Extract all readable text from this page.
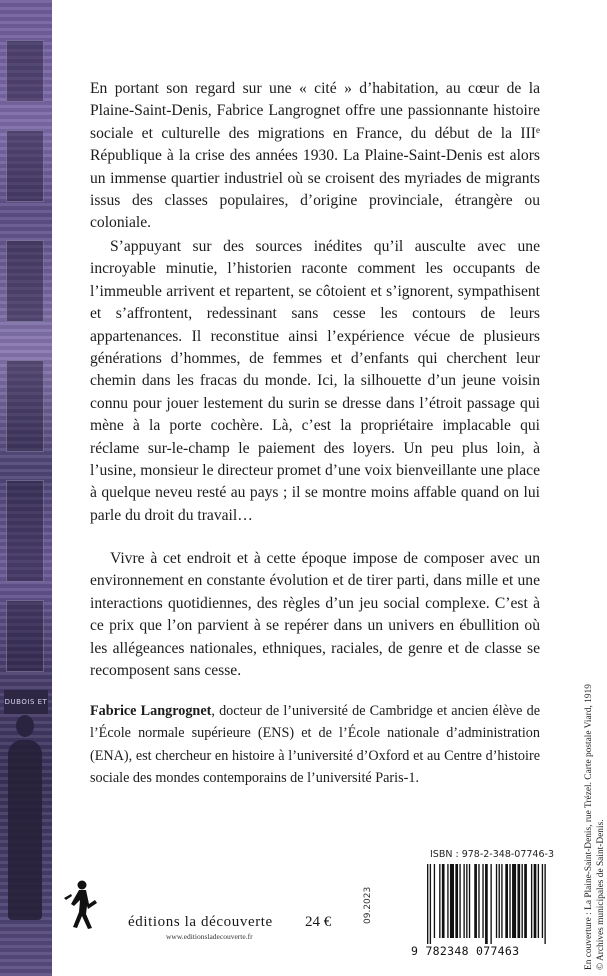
DUBOIS ET

En portant son regard sur une « cité » d’habitation, au cœur de la Plaine-Saint-Denis, Fabrice Langrognet offre une passionnante histoire sociale et culturelle des migrations en France, du début de la IIIe République à la crise des années 1930. La Plaine-Saint-Denis est alors un immense quartier industriel où se croisent des myriades de migrants issus des classes populaires, d’origine provinciale, étrangère ou coloniale.

S’appuyant sur des sources inédites qu’il ausculte avec une incroyable minutie, l’historien raconte comment les occupants de l’immeuble arrivent et repartent, se côtoient et s’ignorent, sympathisent et s’affrontent, redessinant sans cesse les contours de leurs appartenances. Il reconstitue ainsi l’expérience vécue de plusieurs générations d’hommes, de femmes et d’enfants qui cherchent leur chemin dans les fracas du monde. Ici, la silhouette d’un jeune voisin connu pour jouer lestement du surin se dresse dans l’étroit passage qui mène à la porte cochère. Là, c’est la propriétaire implacable qui réclame sur-le-champ le paiement des loyers. Un peu plus loin, à l’usine, monsieur le directeur promet d’une voix bienveillante une place à quelque neveu resté au pays ; il se montre moins affable quand on lui parle du droit du travail…

Vivre à cet endroit et à cette époque impose de composer avec un environnement en constante évolution et de tirer parti, dans mille et une interactions quotidiennes, des règles d’un jeu social complexe. C’est à ce prix que l’on parvient à se repérer dans un univers en ébullition où les allégeances nationales, ethniques, raciales, de genre et de classe se recomposent sans cesse.

Fabrice Langrognet, docteur de l’université de Cambridge et ancien élève de l’École normale supérieure (ENS) et de l’École nationale d’administration (ENA), est chercheur en histoire à l’université d’Oxford et au Centre d’histoire sociale des mondes contemporains de l’université Paris-1.	En couverture : La Plaine-Saint-Denis, rue Trézel. Carte postale Viard, 1919 © Archives municipales de Saint-Denis.
09.2023
éditions la découverte
www.editionsladecouverte.fr
24 €
ISBN : 978-2-348-07746-3
9 782348 077463
